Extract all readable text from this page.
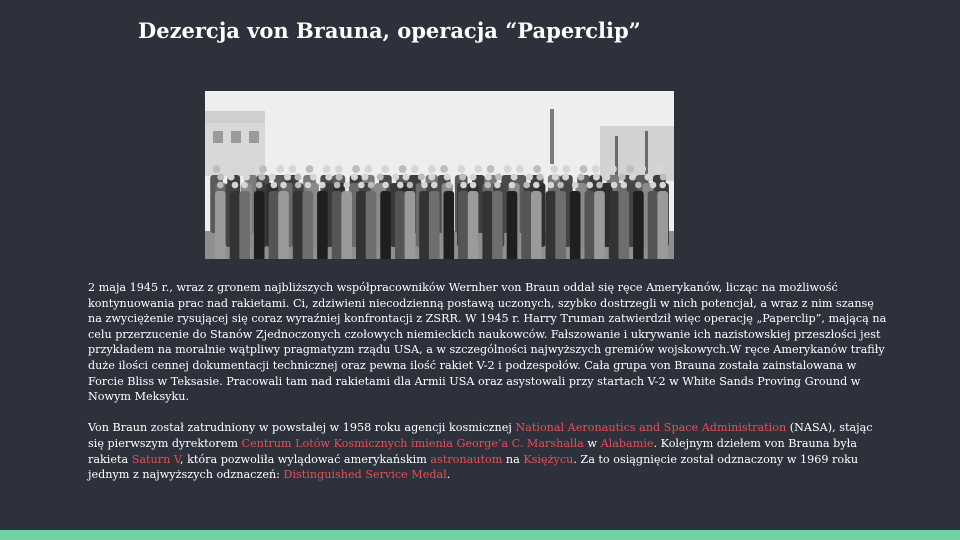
Dezercja von Brauna, operacja “Paperclip”

2 maja 1945 r., wraz z gronem najbliższych współpracowników Wernher von Braun oddał się ręce Amerykanów, licząc na możliwość kontynuowania prac nad rakietami. Ci, zdziwieni niecodzienną postawą uczonych, szybko dostrzegli w nich potencjał, a wraz z nim szansę na zwyciężenie rysującej się coraz wyraźniej konfrontacji z ZSRR. W 1945 r. Harry Truman zatwierdził więc operację „Paperclip”, mającą na celu przerzucenie do Stanów Zjednoczonych czołowych niemieckich naukowców. Fałszowanie i ukrywanie ich nazistowskiej przeszłości jest przykładem na moralnie wątpliwy pragmatyzm rządu USA, a w szczególności najwyższych gremiów wojskowych.W ręce Amerykanów trafiły duże ilości cennej dokumentacji technicznej oraz pewna ilość rakiet V-2 i podzespołów. Cała grupa von Brauna została zainstalowana w Forcie Bliss w Teksasie. Pracowali tam nad rakietami dla Armii USA oraz asystowali przy startach V-2 w White Sands Proving Ground w Nowym Meksyku.

Von Braun został zatrudniony w powstałej w 1958 roku agencji kosmicznej National Aeronautics and Space Administration (NASA), stając się pierwszym dyrektorem Centrum Lotów Kosmicznych imienia George’a C. Marshalla w Alabamie. Kolejnym dziełem von Brauna była rakieta Saturn V, która pozwoliła wylądować amerykańskim astronautom na Księżycu. Za to osiągnięcie został odznaczony w 1969 roku jednym z najwyższych odznaczeń: Distinguished Service Medal.
